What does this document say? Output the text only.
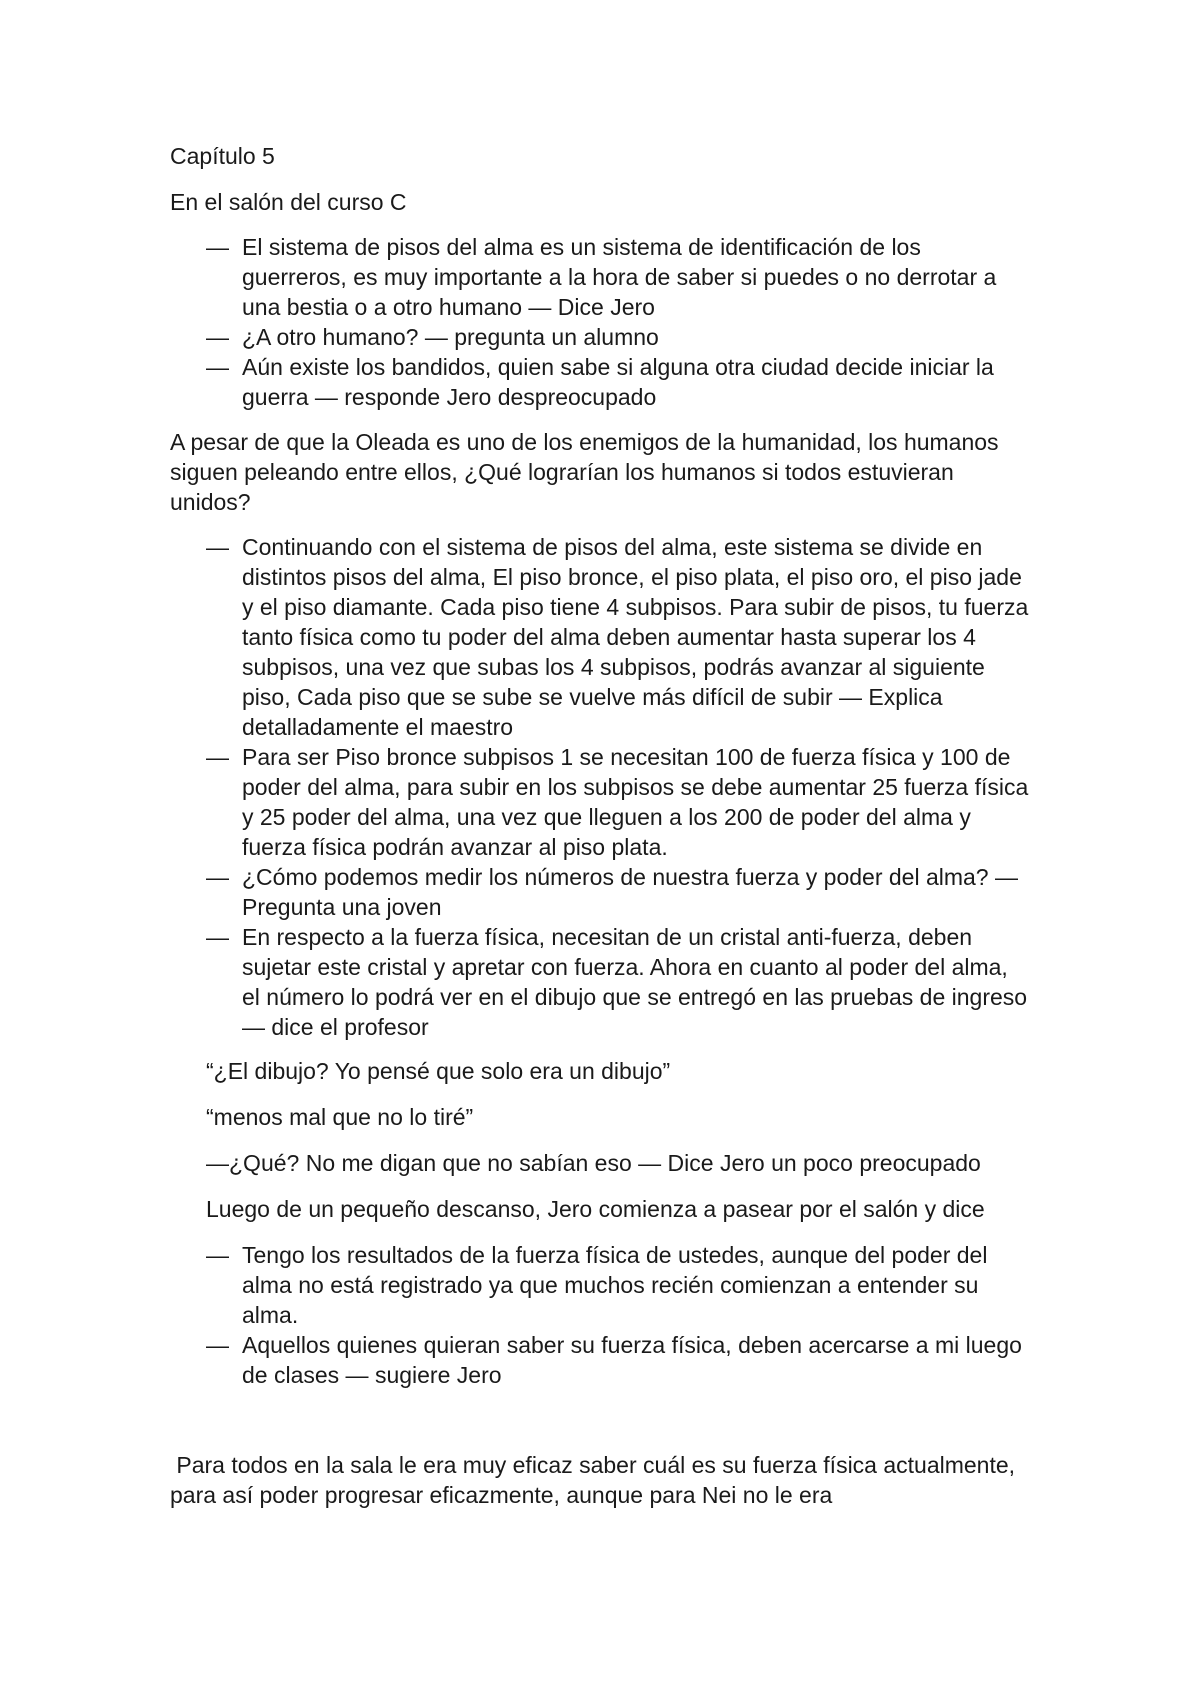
Capítulo 5
En el salón del curso C
— El sistema de pisos del alma es un sistema de identificación de los guerreros, es muy importante a la hora de saber si puedes o no derrotar a una bestia o a otro humano — Dice Jero
— ¿A otro humano? — pregunta un alumno
— Aún existe los bandidos, quien sabe si alguna otra ciudad decide iniciar la guerra — responde Jero despreocupado

A pesar de que la Oleada es uno de los enemigos de la humanidad, los humanos siguen peleando entre ellos, ¿Qué lograrían los humanos si todos estuvieran unidos?

— Continuando con el sistema de pisos del alma, este sistema se divide en distintos pisos del alma, El piso bronce, el piso plata, el piso oro, el piso jade y el piso diamante. Cada piso tiene 4 subpisos. Para subir de pisos, tu fuerza tanto física como tu poder del alma deben aumentar hasta superar los 4 subpisos, una vez que subas los 4 subpisos, podrás avanzar al siguiente piso, Cada piso que se sube se vuelve más difícil de subir — Explica detalladamente el maestro
— Para ser Piso bronce subpisos 1 se necesitan 100 de fuerza física y 100 de poder del alma, para subir en los subpisos se debe aumentar 25 fuerza física y 25 poder del alma, una vez que lleguen a los 200 de poder del alma y fuerza física podrán avanzar al piso plata.
— ¿Cómo podemos medir los números de nuestra fuerza y poder del alma? — Pregunta una joven
— En respecto a la fuerza física, necesitan de un cristal anti-fuerza, deben sujetar este cristal y apretar con fuerza. Ahora en cuanto al poder del alma, el número lo podrá ver en el dibujo que se entregó en las pruebas de ingreso — dice el profesor

“¿El dibujo? Yo pensé que solo era un dibujo”

“menos mal que no lo tiré”

—¿Qué? No me digan que no sabían eso — Dice Jero un poco preocupado

Luego de un pequeño descanso, Jero comienza a pasear por el salón y dice

— Tengo los resultados de la fuerza física de ustedes, aunque del poder del alma no está registrado ya que muchos recién comienzan a entender su alma.
— Aquellos quienes quieran saber su fuerza física, deben acercarse a mi luego de clases — sugiere Jero

Para todos en la sala le era muy eficaz saber cuál es su fuerza física actualmente, para así poder progresar eficazmente, aunque para Nei no le era
